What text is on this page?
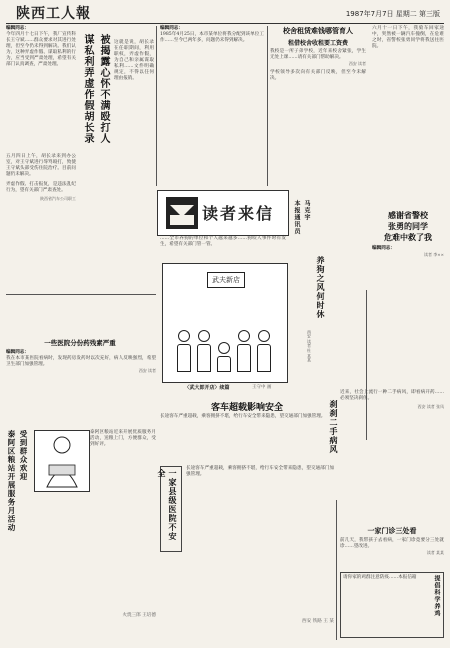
陕西工人報	1987年7月7日 星期二 第三版
编辑同志：
今年四月十七日下午，我厂宣传科长王守斌……群众要求对其进行处理，但至今仍未得到解决。我们认为，这种弄虚作假、谋取私利的行为，应当受到严肃处理，希望有关部门认真调查，严肃处理。
五月四日上午，胡长录来到办公室，对王守斌进行辱骂殴打，致使王守斌头部受伤住院治疗。目前问题仍未解决。
弄虚作假、打击报复，是违法乱纪行为，望有关部门严肃查处。
陕西省汽车公司职工
谋私利弄虚作假胡长录 被揭露心怀不满殴打人	这就是说，胡长录在任职期间，利用职权，弄虚作假，为自己和亲属谋取私利……文件明确规定，不得以任何理由报销。
编辑同志：
1985年4月25日，本市某单位将我分配到该单位工作……至今已两年多，问题仍未得到解决。
校舍租赁难钱哪管育人
租借校舍收租要工资费
我校是一所子弟学校，近年来校舍紧张，学生无处上课……请有关部门帮助解决。
西安 读者
学校领导多次向有关部门反映，但至今未解决。
六月十一日下午，我骑车回家途中，突然被一辆汽车撞倒，在危难之时，省警校张勇同学将我送往医院。
感谢省警校
张勇的同学
危难中救了我
编辑同志：
读者 李××
读者来信	本报通讯员 马克宇
……全市养狗的单位和个人越来越多……狗咬人事件时有发生，希望有关部门管一管。
养狗之风何时休
西安 读者 杜 某某
武夫新店
〈武大郎开店〉续篇	王守中 画
刹刹二手病风
近来，社会上流行一种二手病风，即看病开药……必须坚决刹住。
西安 读者 张凤
一些医院分份药残素严重
编辑同志：
我在本市某医院看病时，发现药房发药时以次充好，病人反映强烈，希望卫生部门加强管理。
西安 读者
泰阿区粮站开展服务月活动 受到群众欢迎	泰阿区粮站近来开展优质服务月活动，送粮上门，方便群众，受到好评。
火烧三郎 王培德
客车超载影响安全
长途客车严重超载，乘客拥挤不堪，给行车安全带来隐患，望交通部门加强管理。
一家县级医院不安全
长途客车严重超载，乘客拥挤不堪，给行车安全带来隐患，望交通部门加强管理。
西安 铁路 王 某
一家门诊三处看
前几天，我带孩子去看病，一家门诊竟要分三处就诊……望改进。
读者 某某
提倡科学养鸡
请你家的鸡群注意防疫……本报信箱
